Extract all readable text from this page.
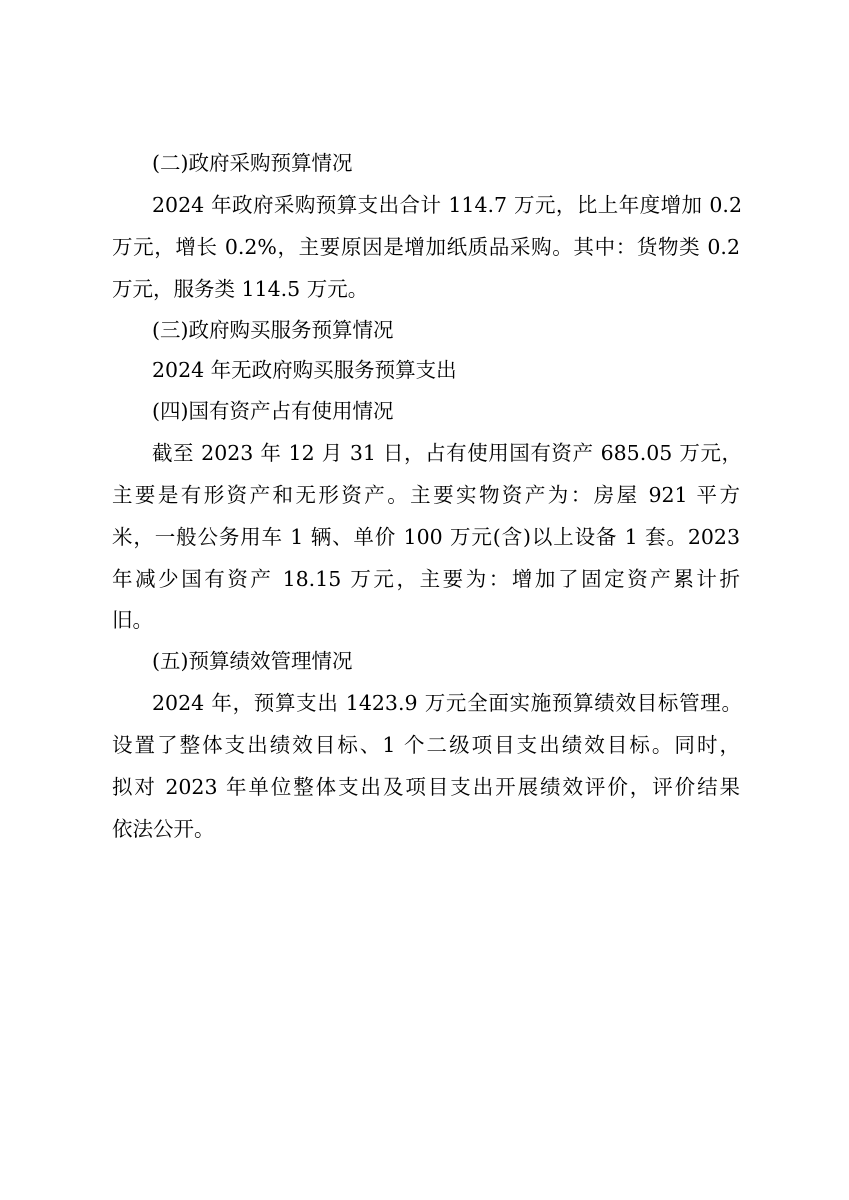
(二)政府采购预算情况
2024 年政府采购预算支出合计 114.7 万元，比上年度增加 0.2
万元，增长 0.2%，主要原因是增加纸质品采购。其中：货物类 0.2
万元，服务类 114.5 万元。
(三)政府购买服务预算情况
2024 年无政府购买服务预算支出
(四)国有资产占有使用情况
截至 2023 年 12 月 31 日，占有使用国有资产 685.05 万元，
主要是有形资产和无形资产。主要实物资产为：房屋 921 平方
米，一般公务用车 1 辆、单价 100 万元(含)以上设备 1 套。2023
年减少国有资产 18.15 万元，主要为：增加了固定资产累计折
旧。
(五)预算绩效管理情况
2024 年，预算支出 1423.9 万元全面实施预算绩效目标管理。
设置了整体支出绩效目标、1 个二级项目支出绩效目标。同时，
拟对 2023 年单位整体支出及项目支出开展绩效评价，评价结果
依法公开。
